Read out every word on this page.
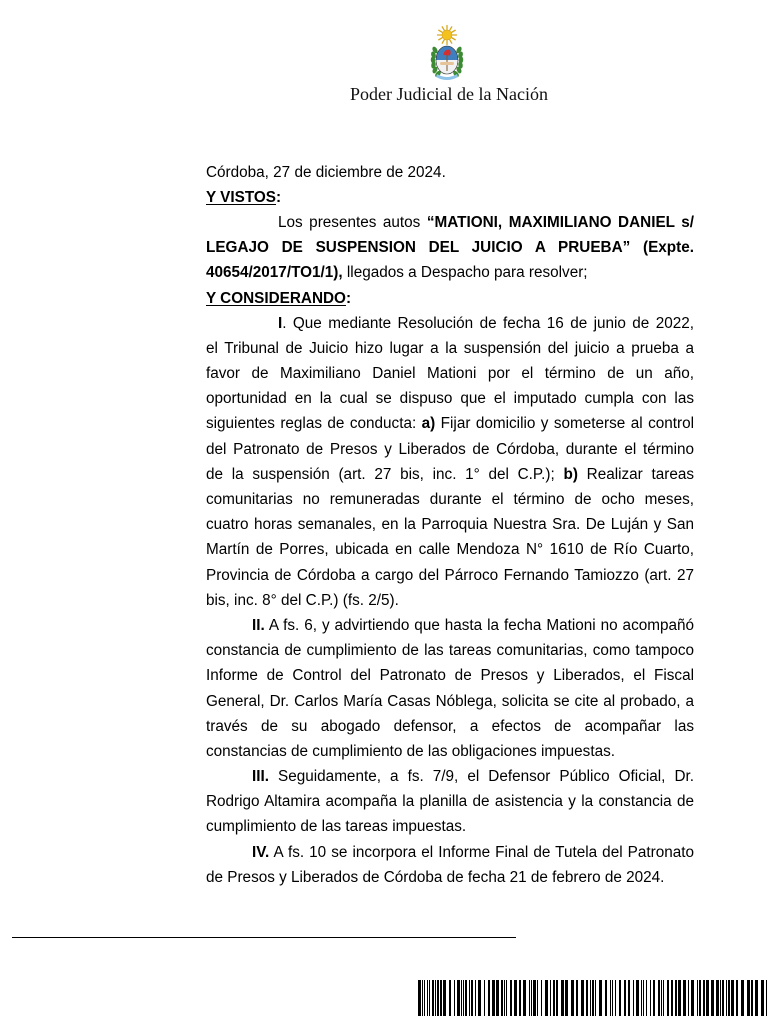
Poder Judicial de la Nación
Córdoba, 27 de diciembre de 2024.
Y VISTOS:
Los presentes autos “MATIONI, MAXIMILIANO DANIEL s/
LEGAJO DE SUSPENSION DEL JUICIO A PRUEBA” (Expte.
40654/2017/TO1/1), llegados a Despacho para resolver;
Y CONSIDERANDO:
I. Que mediante Resolución de fecha 16 de junio de 2022,
el Tribunal de Juicio hizo lugar a la suspensión del juicio a prueba a
favor de Maximiliano Daniel Mationi por el término de un año,
oportunidad en la cual se dispuso que el imputado cumpla con las
siguientes reglas de conducta: a) Fijar domicilio y someterse al control
del Patronato de Presos y Liberados de Córdoba, durante el término
de la suspensión (art. 27 bis, inc. 1° del C.P.); b) Realizar tareas
comunitarias no remuneradas durante el término de ocho meses,
cuatro horas semanales, en la Parroquia Nuestra Sra. De Luján y San
Martín de Porres, ubicada en calle Mendoza N° 1610 de Río Cuarto,
Provincia de Córdoba a cargo del Párroco Fernando Tamiozzo (art. 27
bis, inc. 8° del C.P.) (fs. 2/5).
II. A fs. 6, y advirtiendo que hasta la fecha Mationi no acompañó
constancia de cumplimiento de las tareas comunitarias, como tampoco
Informe de Control del Patronato de Presos y Liberados, el Fiscal
General, Dr. Carlos María Casas Nóblega, solicita se cite al probado, a
través de su abogado defensor, a efectos de acompañar las
constancias de cumplimiento de las obligaciones impuestas.
III. Seguidamente, a fs. 7/9, el Defensor Público Oficial, Dr.
Rodrigo Altamira acompaña la planilla de asistencia y la constancia de
cumplimiento de las tareas impuestas.
IV. A fs. 10 se incorpora el Informe Final de Tutela del Patronato
de Presos y Liberados de Córdoba de fecha 21 de febrero de 2024.
